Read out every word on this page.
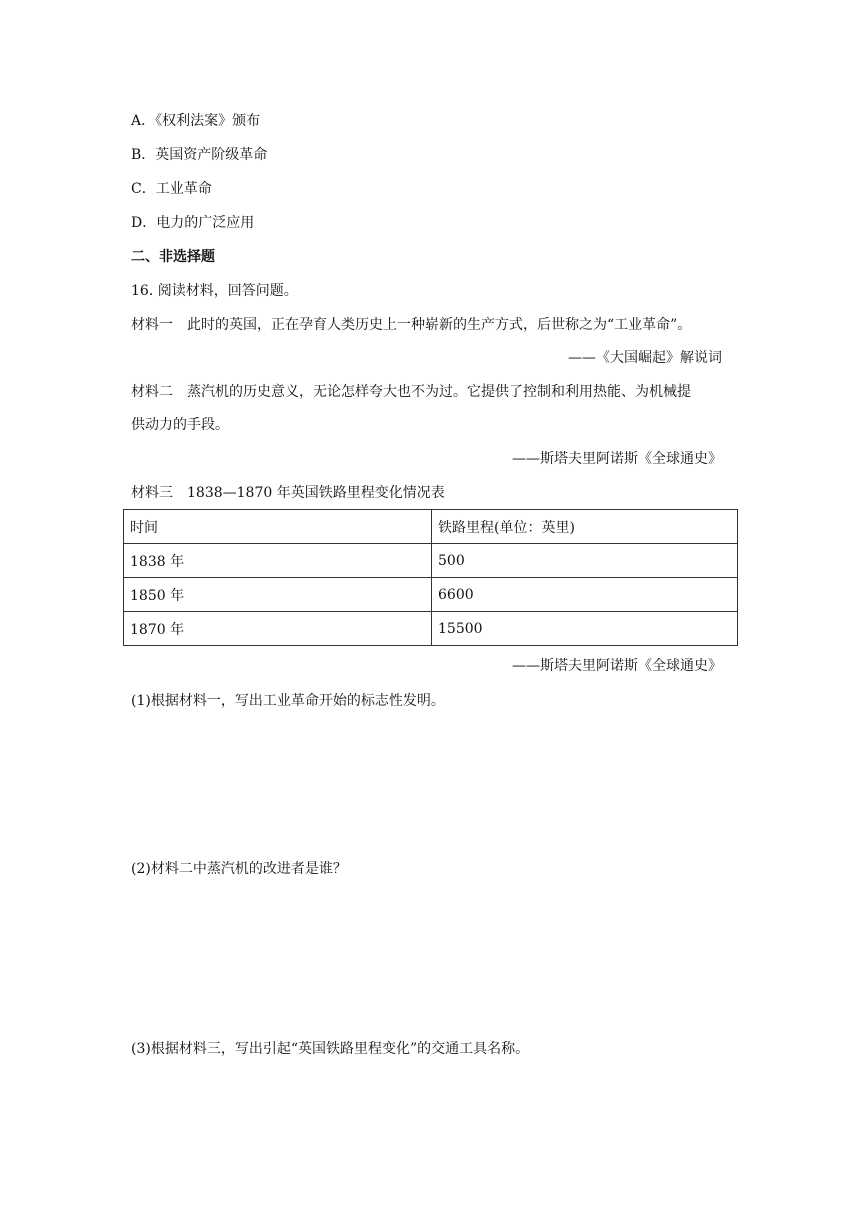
A．《权利法案》颁布
B．英国资产阶级革命
C．工业革命
D．电力的广泛应用
二、非选择题
16. 阅读材料，回答问题。
材料一　此时的英国，正在孕育人类历史上一种崭新的生产方式，后世称之为“工业革命”。
——《大国崛起》解说词
材料二　蒸汽机的历史意义，无论怎样夸大也不为过。它提供了控制和利用热能、为机械提
供动力的手段。
——斯塔夫里阿诺斯《全球通史》
材料三　1838—1870 年英国铁路里程变化情况表
时间	铁路里程(单位：英里)
1838 年	500
1850 年	6600
1870 年	15500
——斯塔夫里阿诺斯《全球通史》
(1)根据材料一，写出工业革命开始的标志性发明。
(2)材料二中蒸汽机的改进者是谁？
(3)根据材料三，写出引起“英国铁路里程变化”的交通工具名称。
